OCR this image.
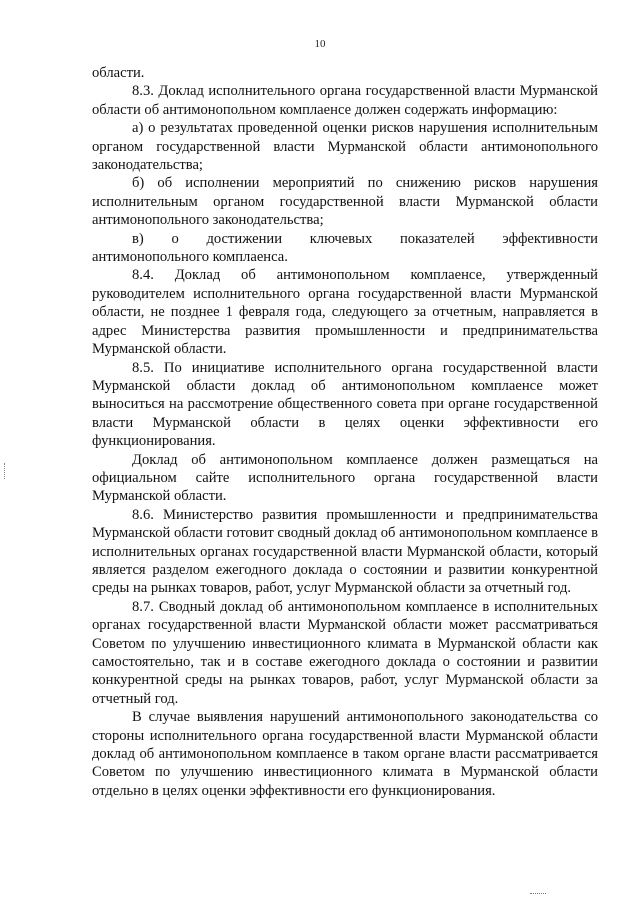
10

области.

8.3. Доклад исполнительного органа государственной власти Мурманской области об антимонопольном комплаенсе должен содержать информацию:

а) о результатах проведенной оценки рисков нарушения исполнительным органом государственной власти Мурманской области антимонопольного законодательства;

б) об исполнении мероприятий по снижению рисков нарушения исполнительным органом государственной власти Мурманской области антимонопольного законодательства;

в) о достижении ключевых показателей эффективности антимонопольного комплаенса.

8.4. Доклад об антимонопольном комплаенсе, утвержденный руководителем исполнительного органа государственной власти Мурманской области, не позднее 1 февраля года, следующего за отчетным, направляется в адрес Министерства развития промышленности и предпринимательства Мурманской области.

8.5. По инициативе исполнительного органа государственной власти Мурманской области доклад об антимонопольном комплаенсе может выноситься на рассмотрение общественного совета при органе государственной власти Мурманской области в целях оценки эффективности его функционирования.

Доклад об антимонопольном комплаенсе должен размещаться на официальном сайте исполнительного органа государственной власти Мурманской области.

8.6. Министерство развития промышленности и предпринимательства Мурманской области готовит сводный доклад об антимонопольном комплаенсе в исполнительных органах государственной власти Мурманской области, который является разделом ежегодного доклада о состоянии и развитии конкурентной среды на рынках товаров, работ, услуг Мурманской области за отчетный год.

8.7. Сводный доклад об антимонопольном комплаенсе в исполнительных органах государственной власти Мурманской области может рассматриваться Советом по улучшению инвестиционного климата в Мурманской области как самостоятельно, так и в составе ежегодного доклада о состоянии и развитии конкурентной среды на рынках товаров, работ, услуг Мурманской области за отчетный год.

В случае выявления нарушений антимонопольного законодательства со стороны исполнительного органа государственной власти Мурманской области доклад об антимонопольном комплаенсе в таком органе власти рассматривается Советом по улучшению инвестиционного климата в Мурманской области отдельно в целях оценки эффективности его функционирования.
